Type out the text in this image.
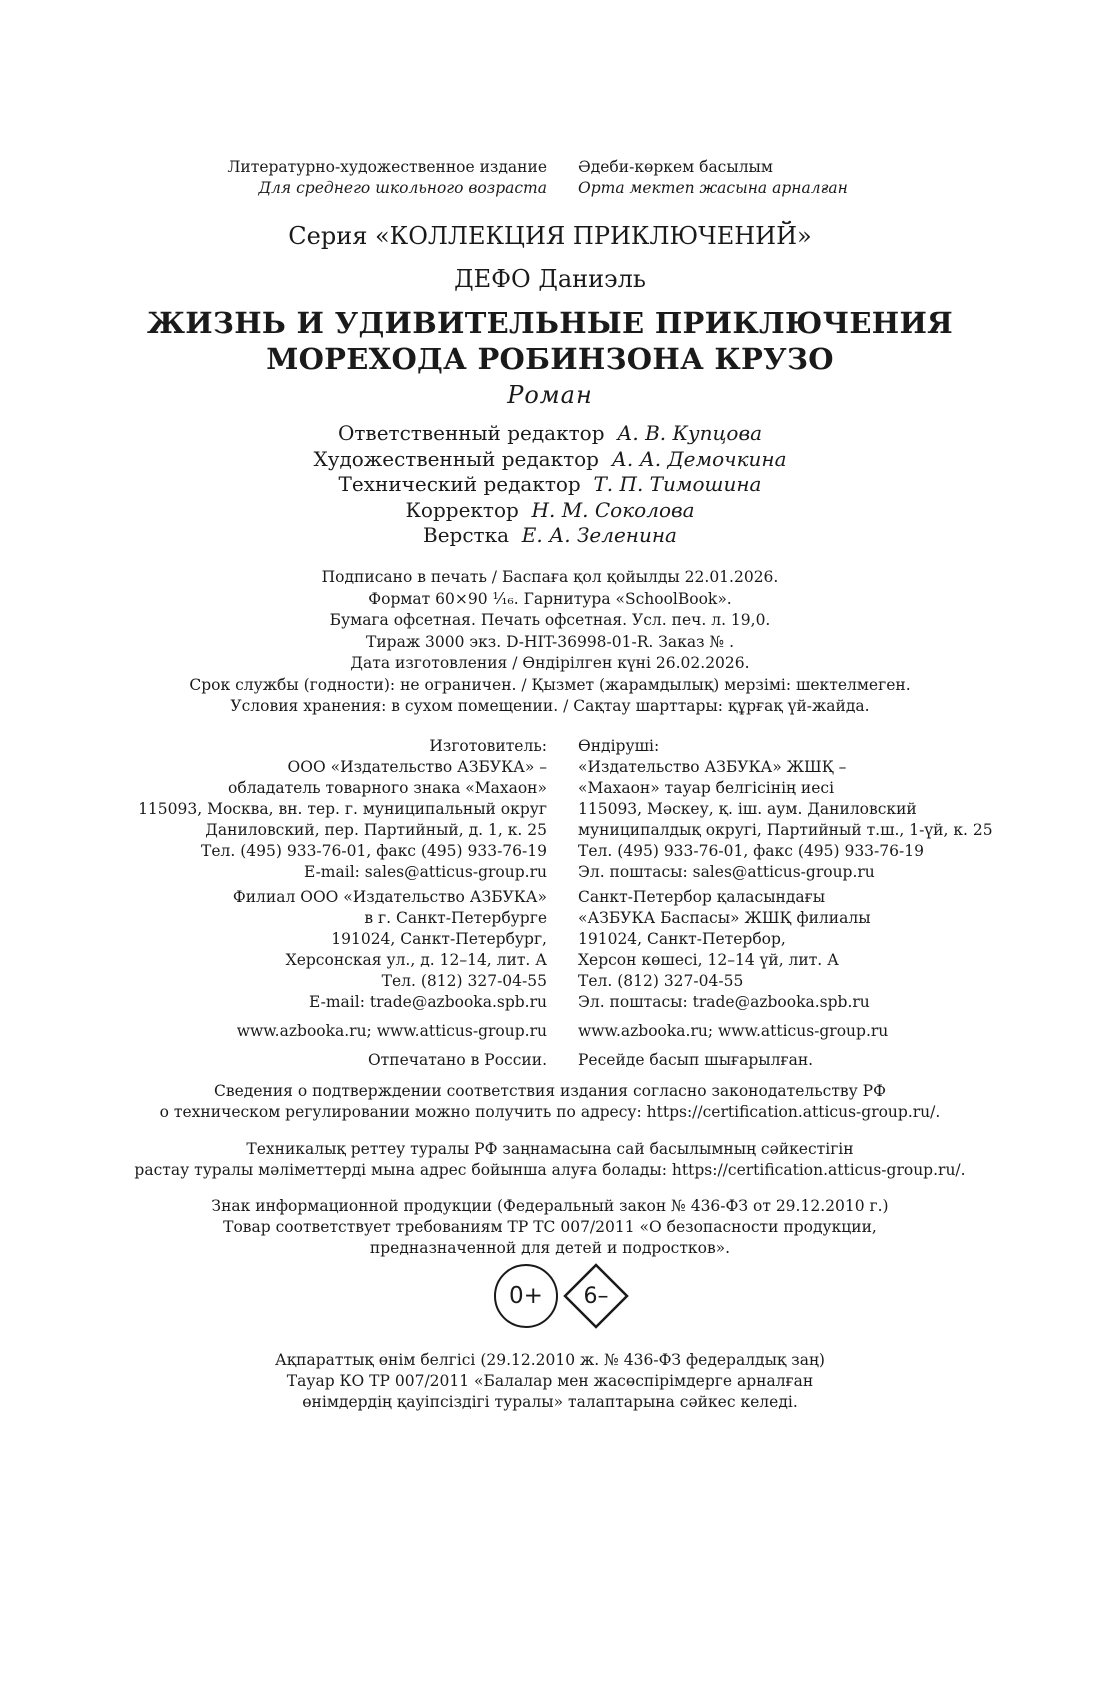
Литературно-художественное издание
Для среднего школьного возраста
Әдеби-көркем басылым
Орта мектеп жасына арналған
Серия «КОЛЛЕКЦИЯ ПРИКЛЮЧЕНИЙ»
ДЕФО Даниэль
ЖИЗНЬ И УДИВИТЕЛЬНЫЕ ПРИКЛЮЧЕНИЯ
МОРЕХОДА РОБИНЗОНА КРУЗО
Роман
Ответственный редактор А. В. Купцова
Художественный редактор А. А. Демочкина
Технический редактор Т. П. Тимошина
Корректор Н. М. Соколова
Верстка Е. А. Зеленина
Подписано в печать / Баспаға қол қойылды 22.01.2026.
Формат 60×90 ¹⁄₁₆. Гарнитура «SchoolBook».
Бумага офсетная. Печать офсетная. Усл. печ. л. 19,0.
Тираж 3000 экз. D-HIT-36998-01-R. Заказ № .
Дата изготовления / Өндірілген күні 26.02.2026.
Срок службы (годности): не ограничен. / Қызмет (жарамдылық) мерзімі: шектелмеген.
Условия хранения: в сухом помещении. / Сақтау шарттары: құрғақ үй-жайда.
Изготовитель:
ООО «Издательство АЗБУКА» –
обладатель товарного знака «Махаон»
115093, Москва, вн. тер. г. муниципальный округ
Даниловский, пер. Партийный, д. 1, к. 25
Тел. (495) 933-76-01, факс (495) 933-76-19
E-mail: sales@atticus-group.ru
Өндіруші:
«Издательство АЗБУКА» ЖШҚ –
«Махаон» тауар белгісінің иесі
115093, Мәскеу, қ. іш. аум. Даниловский
муниципалдық округі, Партийный т.ш., 1-үй, к. 25
Тел. (495) 933-76-01, факс (495) 933-76-19
Эл. поштасы: sales@atticus-group.ru
Филиал ООО «Издательство АЗБУКА»
в г. Санкт-Петербурге
191024, Санкт-Петербург,
Херсонская ул., д. 12–14, лит. А
Тел. (812) 327-04-55
E-mail: trade@azbooka.spb.ru
Санкт-Петербор қаласындағы
«АЗБУКА Баспасы» ЖШҚ филиалы
191024, Санкт-Петербор,
Херсон көшесі, 12–14 үй, лит. А
Тел. (812) 327-04-55
Эл. поштасы: trade@azbooka.spb.ru
www.azbooka.ru; www.atticus-group.ru www.azbooka.ru; www.atticus-group.ru
Отпечатано в России. Ресейде басып шығарылған.
Сведения о подтверждении соответствия издания согласно законодательству РФ
о техническом регулировании можно получить по адресу: https://certification.atticus-group.ru/.
Техникалық реттеу туралы РФ заңнамасына сай басылымның сәйкестігін
растау туралы мәліметтерді мына адрес бойынша алуға болады: https://certification.atticus-group.ru/.
Знак информационной продукции (Федеральный закон № 436-ФЗ от 29.12.2010 г.)
Товар соответствует требованиям ТР ТС 007/2011 «О безопасности продукции,
предназначенной для детей и подростков».
0+	6–
Ақпараттық өнім белгісі (29.12.2010 ж. № 436-ФЗ федералдық заң)
Тауар КО ТР 007/2011 «Балалар мен жасөспірімдерге арналған
өнімдердің қауіпсіздігі туралы» талаптарына сәйкес келеді.
